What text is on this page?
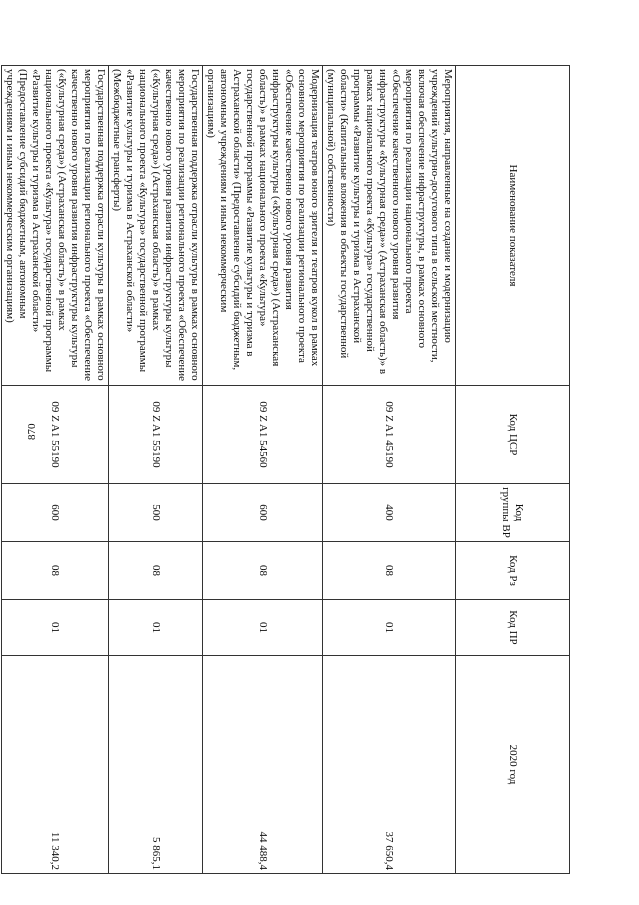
870
Наименование показателя	Код ЦСР	Код группы ВР	Код Рз	Код ПР	2020 год
Мероприятия, направленные на создание и модернизацию учреждений культурно-досугового типа в сельской местности, включая обеспечение инфраструктуры, в рамках основного мероприятия по реализации национального проекта «Обеспечение качественного нового уровня развития инфраструктуры «Культурная среда»» (Астраханская область)» в рамках национального проекта «Культура» государственной программы «Развитие культуры и туризма в Астраханской области» (Капитальные вложения в объекты государственной (муниципальной) собственности)	09 Z A1 45190	400	08	01	37 650,4
Модернизация театров юного зрителя и театров кукол в рамках основного мероприятия по реализации регионального проекта «Обеспечение качественно нового уровня развития инфраструктуры культуры («Культурная среда») (Астраханская область)» в рамках национального проекта «Культура» государственной программы «Развитие культуры и туризма в Астраханской области» (Предоставление субсидий бюджетным, автономным учреждениям и иным некоммерческим организациям)	09 Z A1 54560	600	08	01	44 488,4
Государственная поддержка отрасли культуры в рамках основного мероприятия по реализации регионального проекта «Обеспечение качественно нового уровня развития инфраструктуры культуры («Культурная среда») (Астраханская область)» в рамках национального проекта «Культура» государственной программы «Развитие культуры и туризма в Астраханской области» (Межбюджетные трансферты)	09 Z A1 55190	500	08	01	5 865,1
Государственная поддержка отрасли культуры в рамках основного мероприятия по реализации регионального проекта «Обеспечение качественно нового уровня развития инфраструктуры культуры («Культурная среда») (Астраханская область)» в рамках национального проекта «Культура» государственной программы «Развитие культуры и туризма в Астраханской области» (Предоставление субсидий бюджетным, автономным учреждениям и иным некоммерческим организациям)	09 Z A1 55190	600	08	01	11 340,2
